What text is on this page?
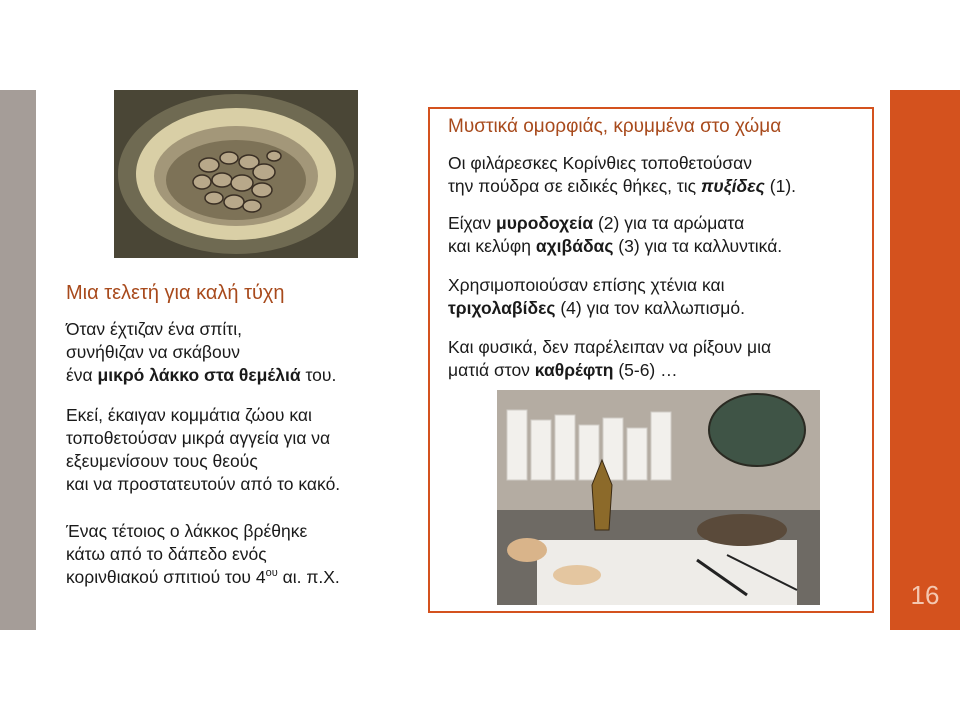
16
Μια τελετή για καλή τύχη
Όταν έχτιζαν ένα σπίτι,
συνήθιζαν να σκάβουν
ένα μικρό λάκκο στα θεμέλιά του.
Εκεί, έκαιγαν κομμάτια ζώου και
τοποθετούσαν μικρά αγγεία για να
εξευμενίσουν τους θεούς
και να προστατευτούν από το κακό.
Ένας τέτοιος ο λάκκος βρέθηκε
κάτω από το δάπεδο ενός
κορινθιακού σπιτιού του $4^{o\upsilon}$ αι. π.Χ.
Μυστικά ομορφιάς, κρυμμένα στο χώμα
Οι φιλάρεσκες Κορίνθιες τοποθετούσαν
την πούδρα σε ειδικές θήκες, τις πυξίδες (1).
Είχαν μυροδοχεία (2) για τα αρώματα
και κελύφη αχιβάδας (3) για τα καλλυντικά.
Χρησιμοποιούσαν επίσης χτένια και
τριχολαβίδες (4) για τον καλλωπισμό.
Και φυσικά, δεν παρέλειπαν να ρίξουν μια
ματιά στον καθρέφτη (5-6) …
